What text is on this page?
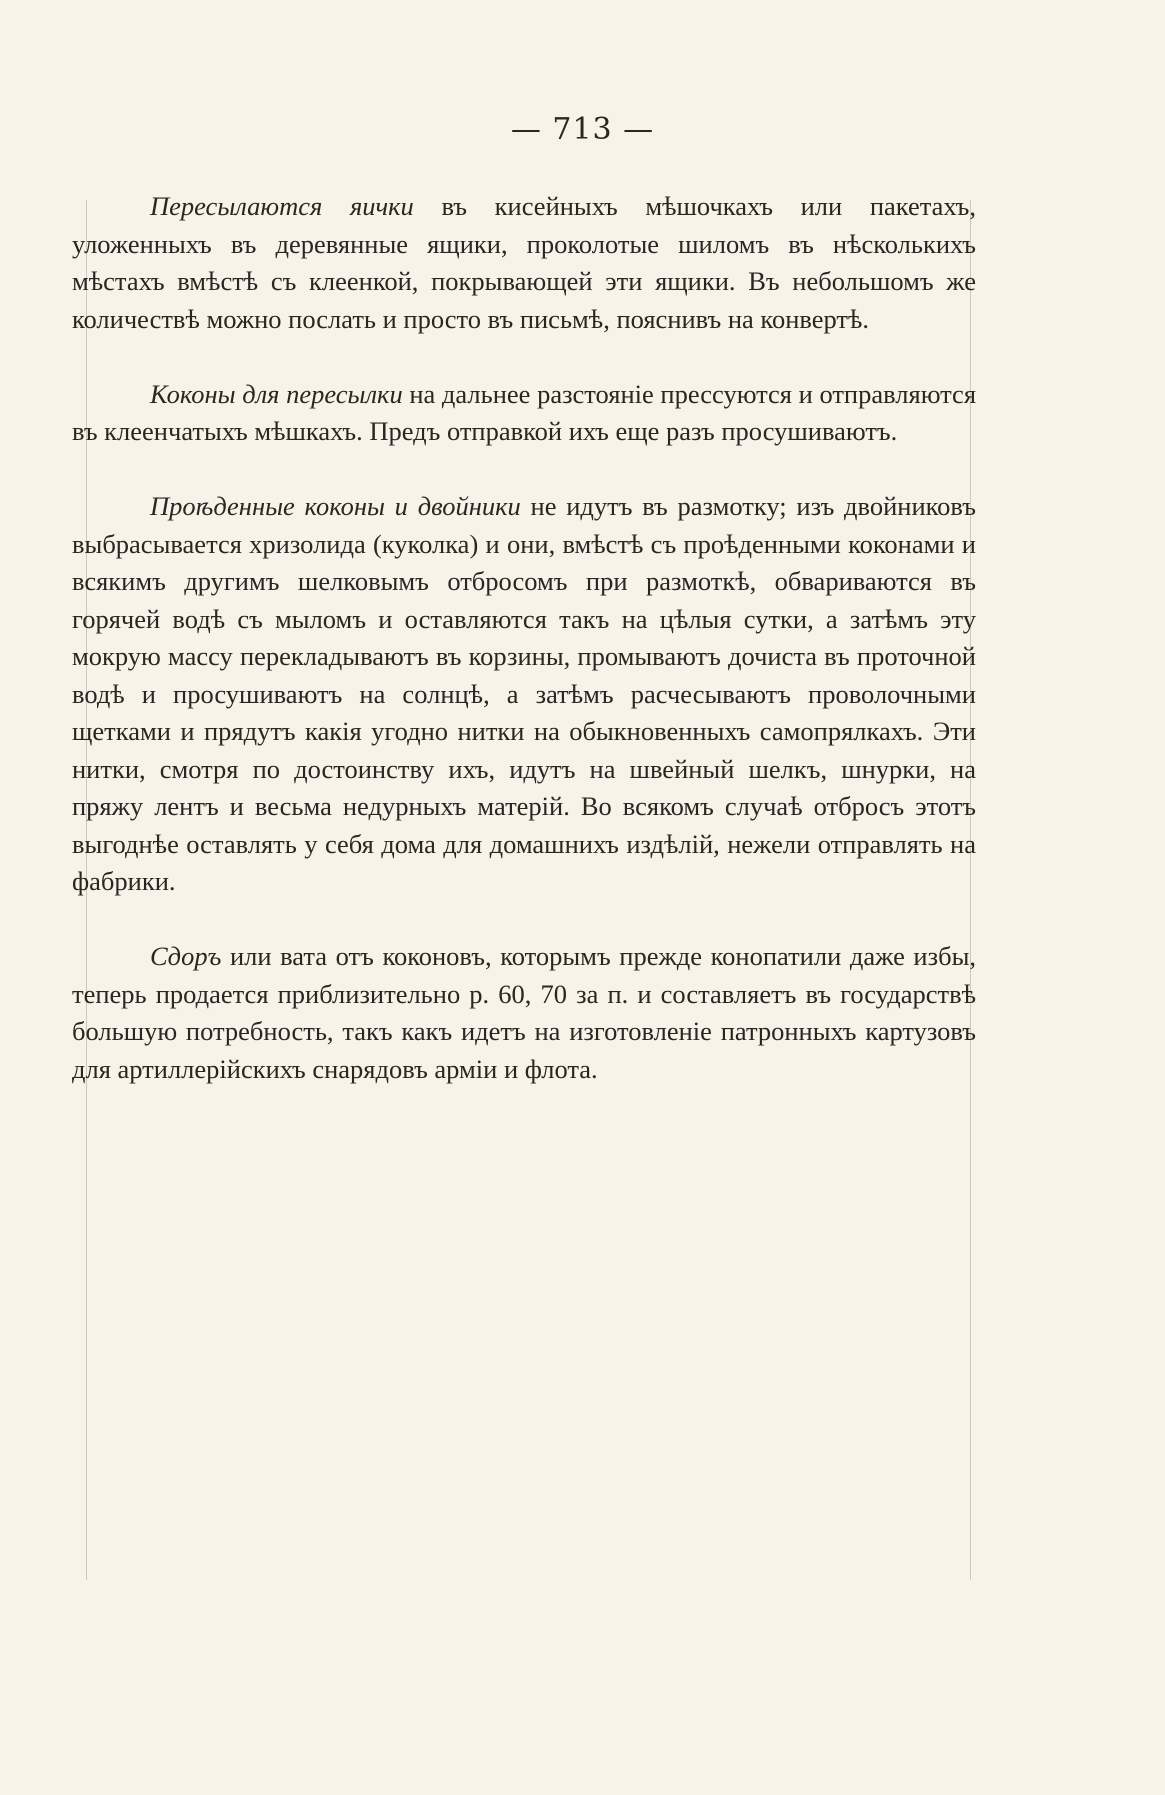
— 713 —

Пересылаются яички въ кисейныхъ мѣшочкахъ или пакетахъ, уложенныхъ въ деревянные ящики, проколотые шиломъ въ нѣсколькихъ мѣстахъ вмѣстѣ съ клеенкой, покрывающей эти ящики. Въ небольшомъ же количествѣ можно послать и просто въ письмѣ, пояснивъ на конвертѣ.

Коконы для пересылки на дальнее разстояніе прессуются и отправляются въ клеенчатыхъ мѣшкахъ. Предъ отправкой ихъ еще разъ просушиваютъ.

Проѣденные коконы и двойники не идутъ въ размотку; изъ двойниковъ выбрасывается хризолида (куколка) и они, вмѣстѣ съ проѣденными коконами и всякимъ другимъ шелковымъ отбросомъ при размоткѣ, обвариваются въ горячей водѣ съ мыломъ и оставляются такъ на цѣлыя сутки, а затѣмъ эту мокрую массу перекладываютъ въ корзины, промываютъ дочиста въ проточной водѣ и просушиваютъ на солнцѣ, а затѣмъ расчесываютъ проволочными щетками и прядутъ какія угодно нитки на обыкновенныхъ самопрялкахъ. Эти нитки, смотря по достоинству ихъ, идутъ на швейный шелкъ, шнурки, на пряжу лентъ и весьма недурныхъ матерій. Во всякомъ случаѣ отбросъ этотъ выгоднѣе оставлять у себя дома для домашнихъ издѣлій, нежели отправлять на фабрики.

Сдоръ или вата отъ коконовъ, которымъ прежде конопатили даже избы, теперь продается приблизительно р. 60, 70 за п. и составляетъ въ государствѣ большую потребность, такъ какъ идетъ на изготовленіе патронныхъ картузовъ для артиллерійскихъ снарядовъ арміи и флота.
